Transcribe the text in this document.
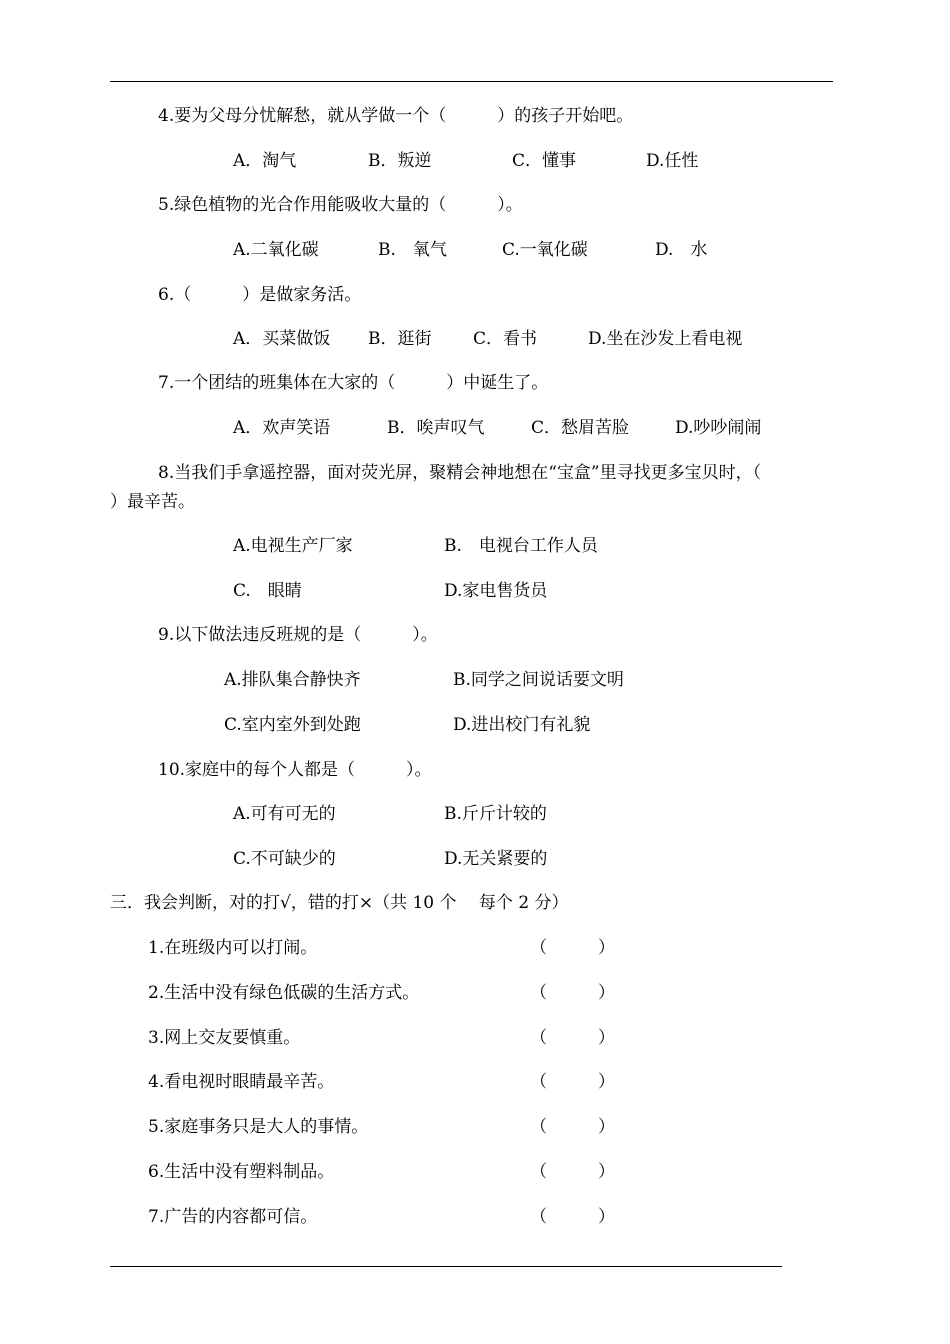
4.要为父母分忧解愁，就从学做一个（　　　）的孩子开始吧。
A．淘气	B．叛逆	C．懂事	D.任性
5.绿色植物的光合作用能吸收大量的（　　　）。
A.二氧化碳	B.　氧气	C.一氧化碳	D.　水
6.（　　　）是做家务活。
A．买菜做饭 B．逛街 C．看书	D.坐在沙发上看电视
7.一个团结的班集体在大家的（　　　）中诞生了。
A．欢声笑语	B．唉声叹气	C．愁眉苦脸	D.吵吵闹闹
8.当我们手拿遥控器，面对荧光屏，聚精会神地想在“宝盒”里寻找更多宝贝时，（
）最辛苦。
A.电视生产厂家	B.　电视台工作人员
C.　眼睛	D.家电售货员
9.以下做法违反班规的是（　　　）。
A.排队集合静快齐	B.同学之间说话要文明
C.室内室外到处跑	D.进出校门有礼貌
10.家庭中的每个人都是（　　　）。
A.可有可无的	B.斤斤计较的
C.不可缺少的	D.无关紧要的
三．我会判断，对的打√，错的打×（共 10 个　 每个 2 分）
1.在班级内可以打闹。	（　　　）
2.生活中没有绿色低碳的生活方式。	（　　　）
3.网上交友要慎重。	（　　　）
4.看电视时眼睛最辛苦。	（　　　）
5.家庭事务只是大人的事情。	（　　　）
6.生活中没有塑料制品。	（　　　）
7.广告的内容都可信。	（　　　）
